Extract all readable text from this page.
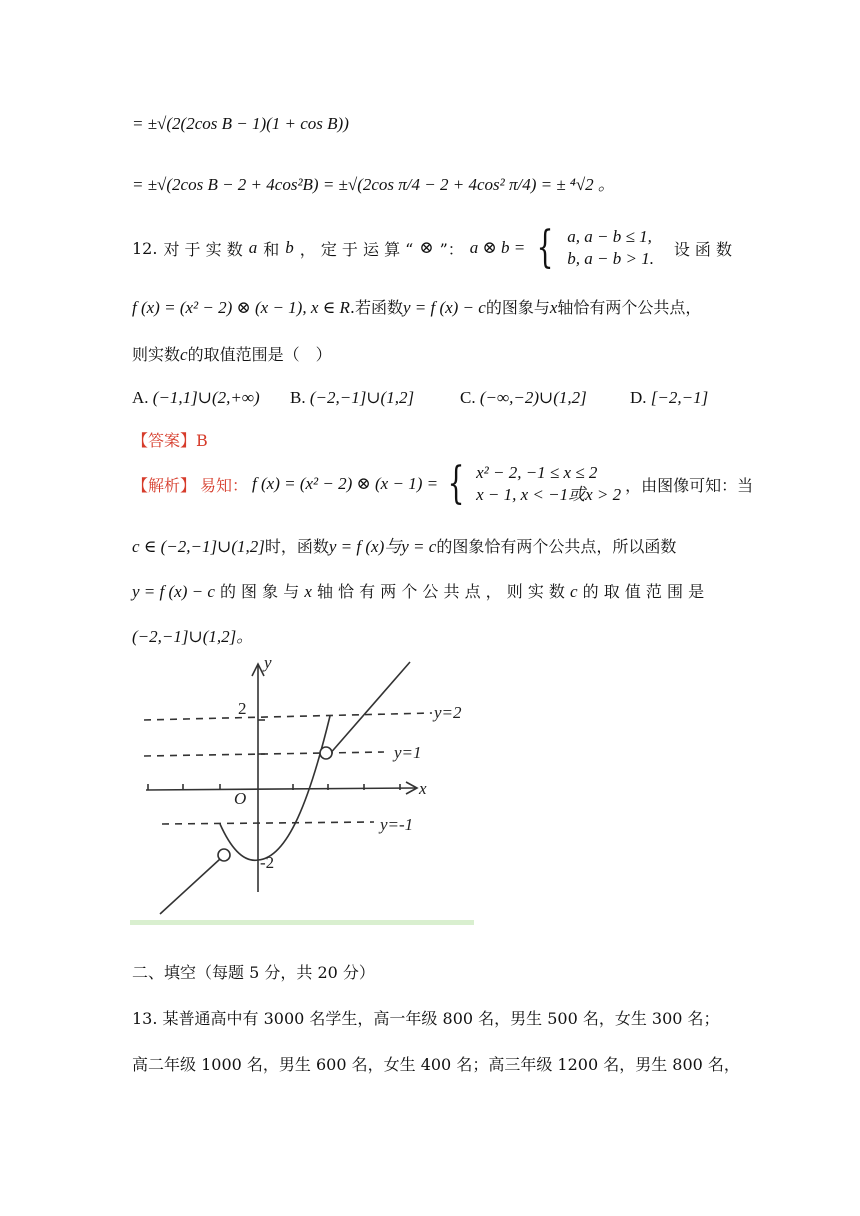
= ±√(2(2cos B − 1)(1 + cos B))
= ±√(2cos B − 2 + 4cos²B) = ±√(2cos π/4 − 2 + 4cos² π/4) = ± ⁴√2 。
12. 对 于 实 数 a 和 b ， 定 于 运 算 “ ⊗ ”： a ⊗ b = { a, a − b ≤ 1,
b, a − b > 1. 设 函 数
f (x) = (x² − 2) ⊗ (x − 1), x ∈ R.若函数y = f (x) − c的图象与x轴恰有两个公共点，
则实数c的取值范围是（　）
A. (−1,1]∪(2,+∞) B. (−2,−1]∪(1,2]	C. (−∞,−2)∪(1,2]	D. [−2,−1]
【答案】B
【解析】 易知： f (x) = (x² − 2) ⊗ (x − 1) = { x² − 2, −1 ≤ x ≤ 2
x − 1, x < −1或x > 2 ，由图像可知：当
c ∈ (−2,−1]∪(1,2]时，函数y = f (x)与y = c的图象恰有两个公共点，所以函数
y = f (x) − c 的 图 象 与 x 轴 恰 有 两 个 公 共 点 ， 则 实 数 c 的 取 值 范 围 是
(−2,−1]∪(1,2]。
y
x
O
2
-2
y=2
y=1
y=-1
二、填空（每题 5 分，共 20 分）
13. 某普通高中有 3000 名学生，高一年级 800 名，男生 500 名，女生 300 名；
高二年级 1000 名，男生 600 名，女生 400 名；高三年级 1200 名，男生 800 名，
